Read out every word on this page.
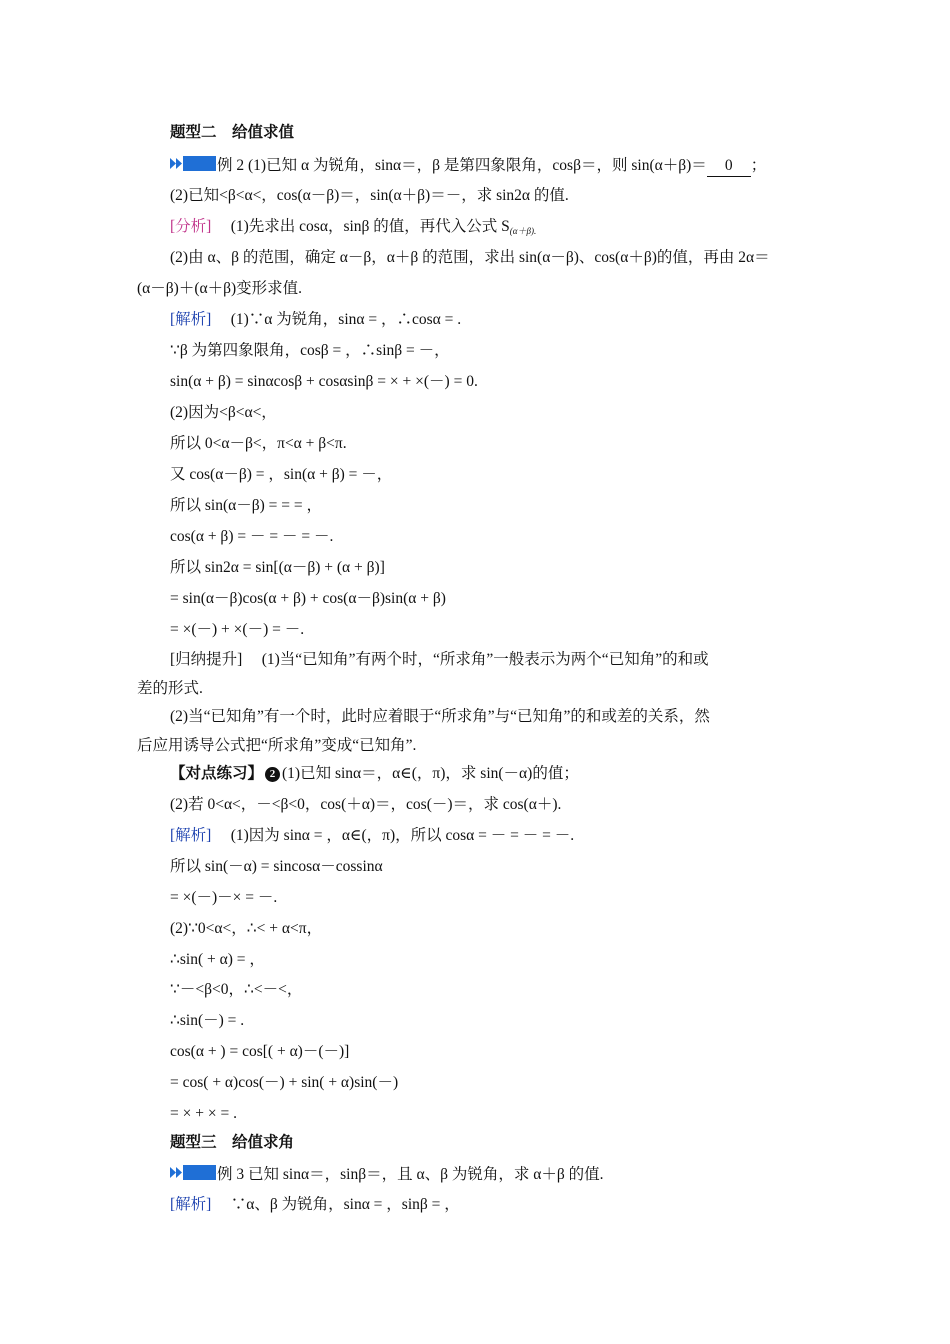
题型二　给值求值
例 2 (1)已知 α 为锐角，sinα＝，β 是第四象限角，cosβ＝，则 sin(α＋β)＝ 0 ；
(2)已知<β<α<，cos(α－β)＝，sin(α＋β)＝－，求 sin2α 的值.
[分析]　 (1)先求出 cosα，sinβ 的值，再代入公式 $S_{(\alpha+\beta).}$
(2)由 α、β 的范围，确定 α－β，α＋β 的范围，求出 sin(α－β)、cos(α＋β)的值，再由 2α＝
(α－β)＋(α＋β)变形求值.
[解析]　 (1)∵α 为锐角，sinα = ，∴cosα = .
∵β 为第四象限角，cosβ = ，∴sinβ = －，
sin(α + β) = sinαcosβ + cosαsinβ = × + ×(－) = 0.
(2)因为<β<α<，
所以 0<α－β<，π<α + β<π.
又 cos(α－β) = ，sin(α + β) = －，
所以 sin(α－β) = = = ，
cos(α + β) = － = － = －.
所以 sin2α = sin[(α－β) + (α + β)]
= sin(α－β)cos(α + β) + cos(α－β)sin(α + β)
= ×(－) + ×(－) = －.
[归纳提升]　 (1)当“已知角”有两个时，“所求角”一般表示为两个“已知角”的和或
差的形式.
(2)当“已知角”有一个时，此时应着眼于“所求角”与“已知角”的和或差的关系，然
后应用诱导公式把“所求角”变成“已知角”.
【对点练习】 2 (1)已知 sinα＝，α∈(，π)，求 sin(－α)的值；
(2)若 0<α<，－<β<0，cos(＋α)＝，cos(－)＝，求 cos(α＋).
[解析]　 (1)因为 sinα = ，α∈(，π)，所以 cosα = － = － = －.
所以 sin(－α) = sincosα－cossinα
= ×(－)－× = －.
(2)∵0<α<，∴< + α<π，
∴sin( + α) = ，
∵－<β<0，∴<－<，
∴sin(－) = .
cos(α + ) = cos[( + α)－(－)]
= cos( + α)cos(－) + sin( + α)sin(－)
= × + × = .
题型三　给值求角
例 3 已知 sinα＝，sinβ＝，且 α、β 为锐角，求 α＋β 的值.
[解析]　 ∵α、β 为锐角，sinα = ，sinβ = ，
